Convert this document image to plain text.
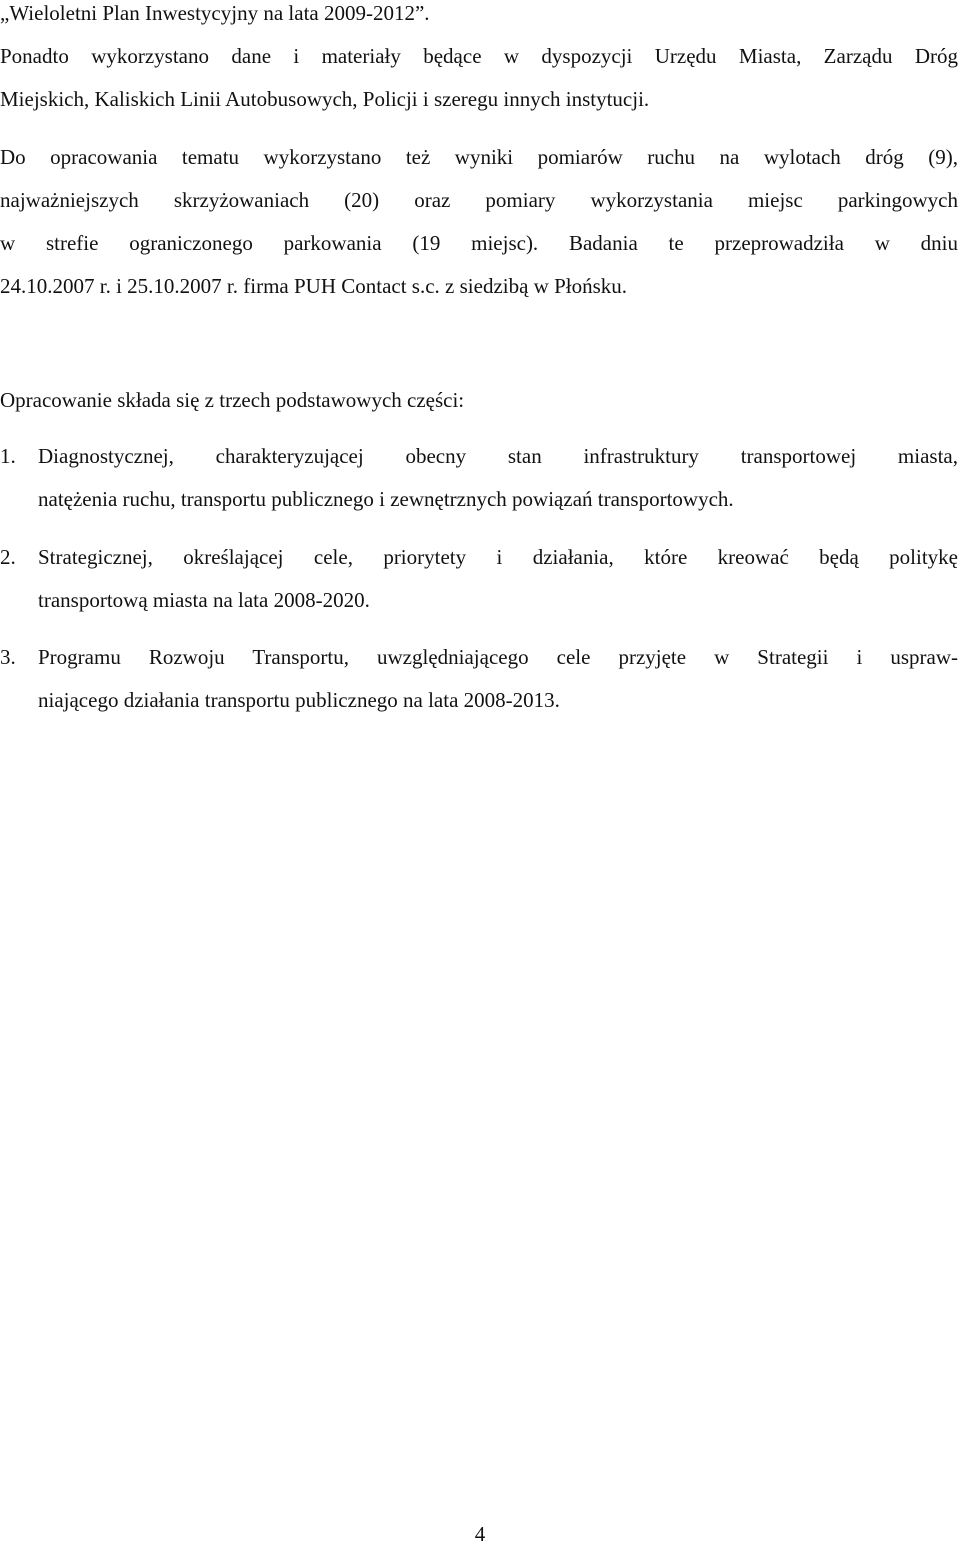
„Wieloletni Plan Inwestycyjny na lata 2009-2012”.
Ponadto wykorzystano dane i materiały będące w dyspozycji Urzędu Miasta, Zarządu Dróg
Miejskich, Kaliskich Linii Autobusowych, Policji i szeregu innych instytucji.
Do opracowania tematu wykorzystano też wyniki pomiarów ruchu na wylotach dróg (9),
najważniejszych skrzyżowaniach (20) oraz pomiary wykorzystania miejsc parkingowych
w strefie ograniczonego parkowania (19 miejsc). Badania te przeprowadziła w dniu
24.10.2007 r. i 25.10.2007 r. firma PUH Contact s.c. z siedzibą w Płońsku.
Opracowanie składa się z trzech podstawowych części:
1. Diagnostycznej, charakteryzującej obecny stan infrastruktury transportowej miasta,
natężenia ruchu, transportu publicznego i zewnętrznych powiązań transportowych.
2. Strategicznej, określającej cele, priorytety i działania, które kreować będą politykę
transportową miasta na lata 2008-2020.
3. Programu Rozwoju Transportu, uwzględniającego cele przyjęte w Strategii i uspraw-
niającego działania transportu publicznego na lata 2008-2013.
4
